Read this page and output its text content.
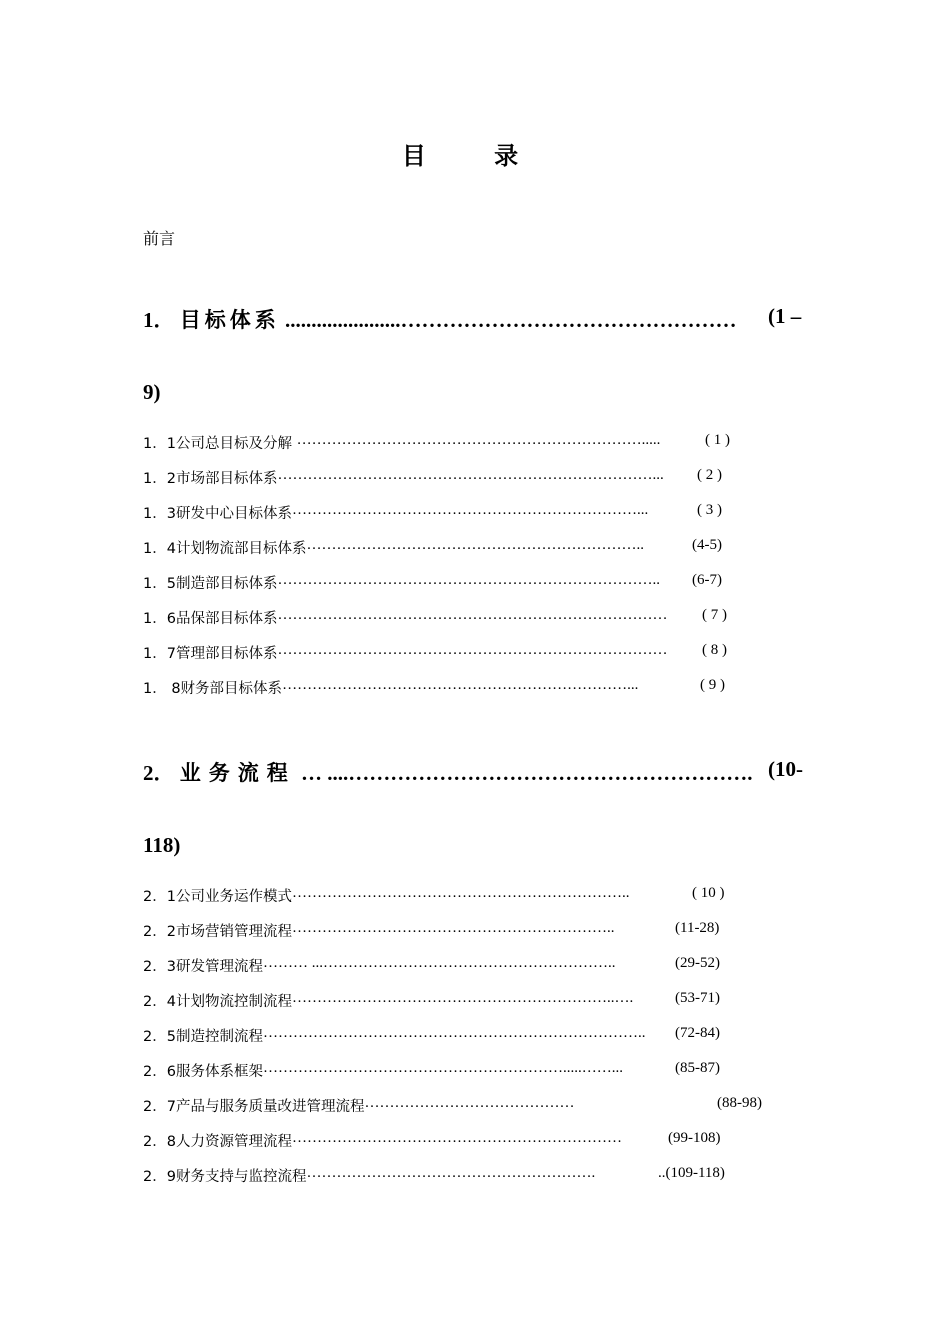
目 录
前言
1． 目标体系 ......................…………………………………………	(1 –
9)
1．1公司总目标及分解 …………………………………………………………….....	( 1 )
1．2市场部目标体系…………………………………………………………………... ( 2 )
1．3研发中心目标体系……………………………………………………………...	( 3 )
1．4计划物流部目标体系…………………………………………………………..	(4-5)
1．5制造部目标体系………………………………………………………………….. (6-7)
1．6品保部目标体系…………………………………………………………………… ( 7 )
1．7管理部目标体系…………………………………………………………………… ( 8 )
1． 8财务部目标体系……………………………………………………………...	( 9 )
2． 业务流程 … ....…………………………………………………. (10-
118)
2．1公司业务运作模式…………………………………………………………..	( 10 )
2．2市场营销管理流程………………………………………………………..	(11-28)
2．3研发管理流程……… ...…………………………………………………..	(29-52)
2．4计划物流控制流程………………………………………………………..….	(53-71)
2．5制造控制流程………………………………………………………………….. (72-84)
2．6服务体系框架…………………………………………………….....……...	(85-87)
2．7产品与服务质量改进管理流程……………………………………	(88-98)
2．8人力资源管理流程…………………………………………………………	(99-108)
2．9财务支持与监控流程………………………………………………….	..(109-118)
